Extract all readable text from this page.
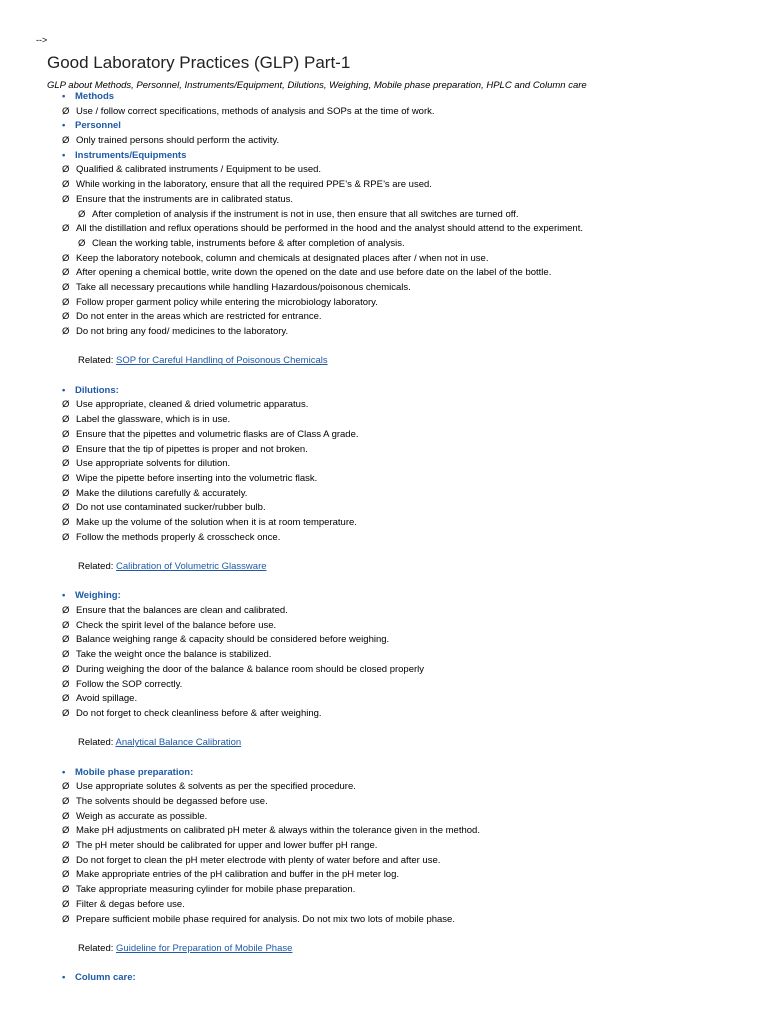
-->
Good Laboratory Practices (GLP) Part-1

GLP about Methods, Personnel, Instruments/Equipment, Dilutions, Weighing, Mobile phase preparation, HPLC and Column care

• Methods
Ø Use / follow correct specifications, methods of analysis and SOPs at the time of work.
• Personnel
Ø Only trained persons should perform the activity.
• Instruments/Equipments
Ø Qualified & calibrated instruments / Equipment to be used.
Ø While working in the laboratory, ensure that all the required PPE’s & RPE’s are used.
Ø Ensure that the instruments are in calibrated status.
Ø After completion of analysis if the instrument is not in use, then ensure that all switches are turned off.
Ø All the distillation and reflux operations should be performed in the hood and the analyst should attend to the experiment.
Ø Clean the working table, instruments before & after completion of analysis.
Ø Keep the laboratory notebook, column and chemicals at designated places after / when not in use.
Ø After opening a chemical bottle, write down the opened on the date and use before date on the label of the bottle.
Ø Take all necessary precautions while handling Hazardous/poisonous chemicals.
Ø Follow proper garment policy while entering the microbiology laboratory.
Ø Do not enter in the areas which are restricted for entrance.
Ø Do not bring any food/ medicines to the laboratory.
Related: SOP for Careful Handling of Poisonous Chemicals
• Dilutions:
Ø Use appropriate, cleaned & dried volumetric apparatus.
Ø Label the glassware, which is in use.
Ø Ensure that the pipettes and volumetric flasks are of Class A grade.
Ø Ensure that the tip of pipettes is proper and not broken.
Ø Use appropriate solvents for dilution.
Ø Wipe the pipette before inserting into the volumetric flask.
Ø Make the dilutions carefully & accurately.
Ø Do not use contaminated sucker/rubber bulb.
Ø Make up the volume of the solution when it is at room temperature.
Ø Follow the methods properly & crosscheck once.
Related: Calibration of Volumetric Glassware
• Weighing:
Ø Ensure that the balances are clean and calibrated.
Ø Check the spirit level of the balance before use.
Ø Balance weighing range & capacity should be considered before weighing.
Ø Take the weight once the balance is stabilized.
Ø During weighing the door of the balance & balance room should be closed properly
Ø Follow the SOP correctly.
Ø Avoid spillage.
Ø Do not forget to check cleanliness before & after weighing.
Related: Analytical Balance Calibration
• Mobile phase preparation:
Ø Use appropriate solutes & solvents as per the specified procedure.
Ø The solvents should be degassed before use.
Ø Weigh as accurate as possible.
Ø Make pH adjustments on calibrated pH meter & always within the tolerance given in the method.
Ø The pH meter should be calibrated for upper and lower buffer pH range.
Ø Do not forget to clean the pH meter electrode with plenty of water before and after use.
Ø Make appropriate entries of the pH calibration and buffer in the pH meter log.
Ø Take appropriate measuring cylinder for mobile phase preparation.
Ø Filter & degas before use.
Ø Prepare sufficient mobile phase required for analysis. Do not mix two lots of mobile phase.
Related: Guideline for Preparation of Mobile Phase
• Column care:
